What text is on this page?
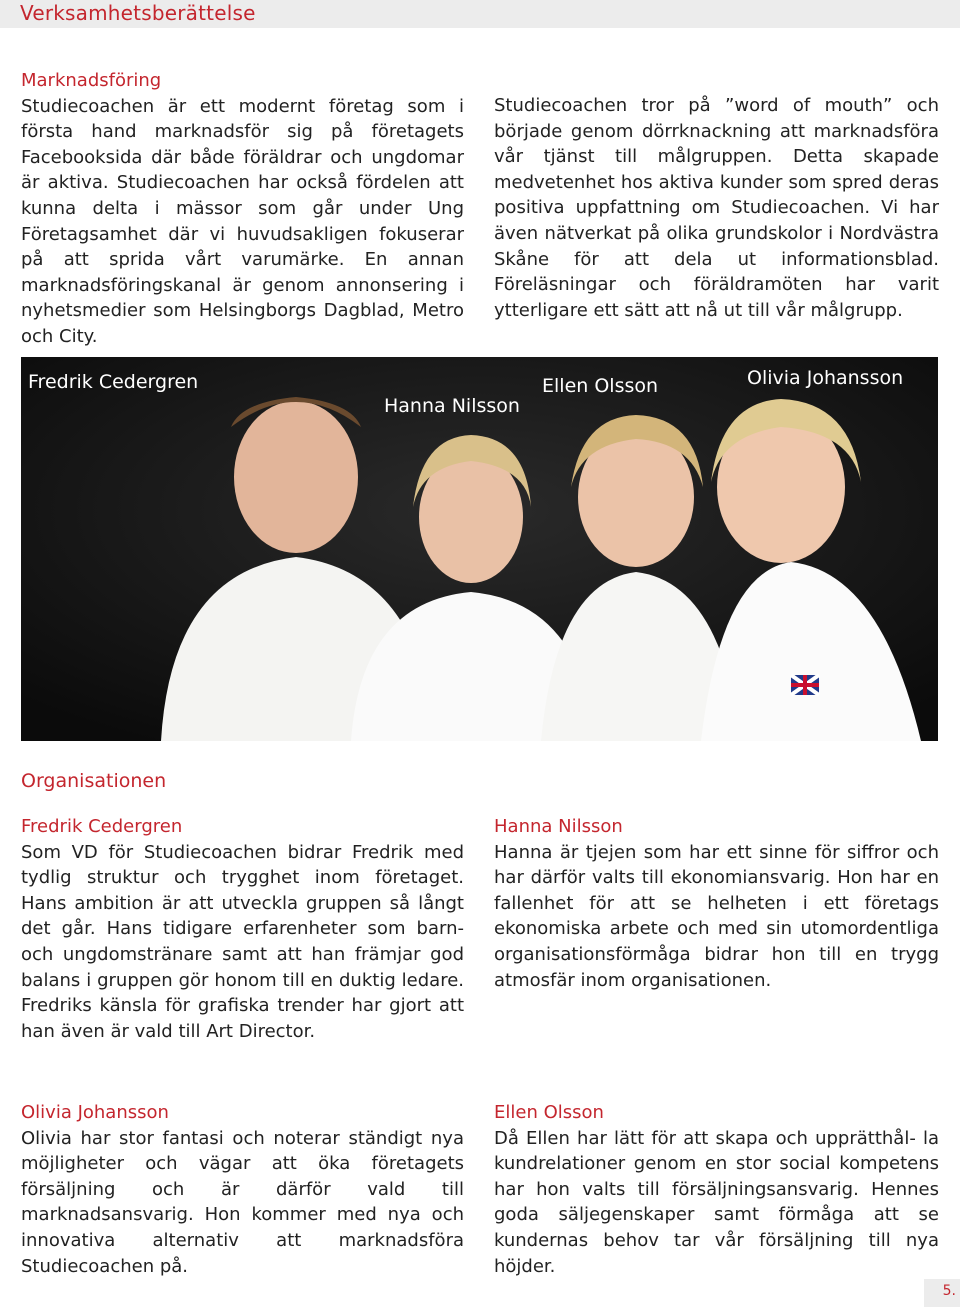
Verksamhetsberättelse
Marknadsföring
Studiecoachen är ett modernt företag som i första hand marknadsför sig på företagets Facebooksida där både föräldrar och ungdomar är aktiva. Studiecoachen har också fördelen att kunna delta i mässor som går under Ung Företagsamhet där vi huvudsakligen fokuserar på att sprida vårt varumärke. En annan marknadsföringskanal är genom annonsering i nyhetsmedier som Helsingborgs Dagblad, Metro och City.
Studiecoachen tror på ”word of mouth” och började genom dörrknackning att marknadsföra vår tjänst till målgruppen. Detta skapade medvetenhet hos aktiva kunder som spred deras positiva uppfattning om Studiecoachen. Vi har även nätverkat på olika grundskolor i Nordvästra Skåne för att dela ut informationsblad. Föreläsningar och föräldramöten har varit ytterligare ett sätt att nå ut till vår målgrupp.
Fredrik Cedergren
Hanna Nilsson
Ellen Olsson	Olivia Johansson
Organisationen
Fredrik Cedergren
Som VD för Studiecoachen bidrar Fredrik med tydlig struktur och trygghet inom företaget. Hans ambition är att utveckla gruppen så långt det går. Hans tidigare erfarenheter som barn- och ungdomstränare samt att han främjar god balans i gruppen gör honom till en duktig ledare. Fredriks känsla för grafiska trender har gjort att han även är vald till Art Director.
Hanna Nilsson
Hanna är tjejen som har ett sinne för siffror och har därför valts till ekonomiansvarig. Hon har en fallenhet för att se helheten i ett företags ekonomiska arbete och med sin utomordentliga organisationsförmåga bidrar hon till en trygg atmosfär inom organisationen.
Olivia Johansson
Olivia har stor fantasi och noterar ständigt nya möjligheter och vägar att öka företagets försäljning och är därför vald till marknadsansvarig. Hon kommer med nya och innovativa alternativ att marknadsföra Studiecoachen på.
Ellen Olsson
Då Ellen har lätt för att skapa och upprätthål- la kundrelationer genom en stor social kompetens har hon valts till försäljningsansvarig. Hennes goda säljegenskaper samt förmåga att se kundernas behov tar vår försäljning till nya höjder.
5.
